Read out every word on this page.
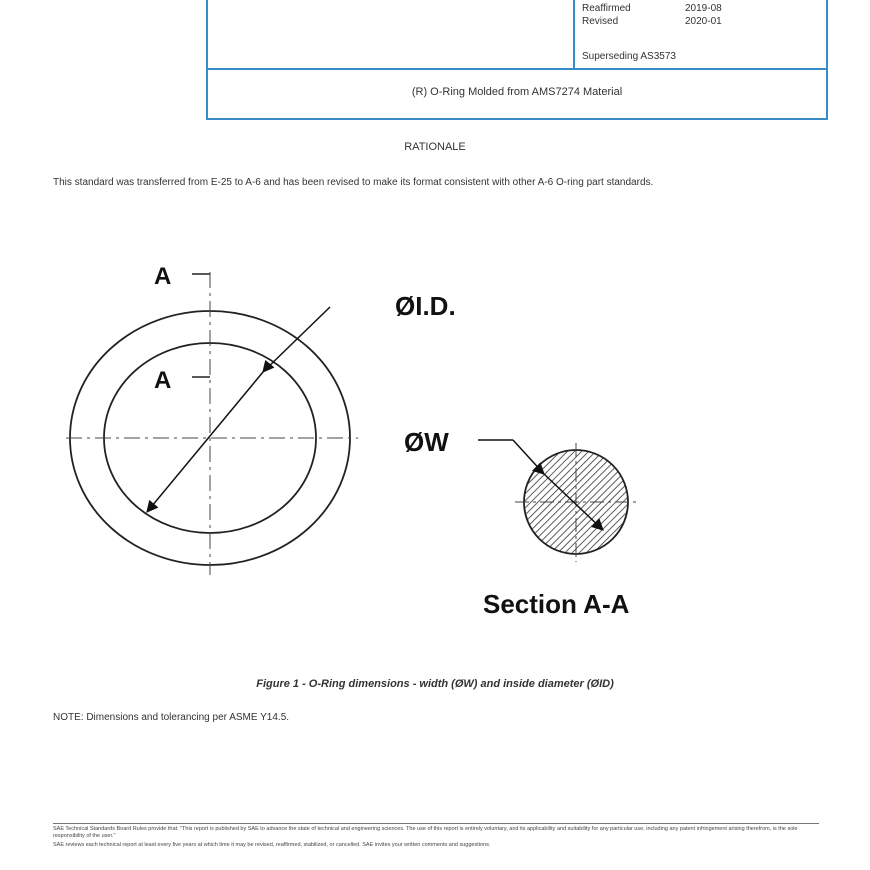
Reaffirmed	2019-08
Revised	2020-01
Superseding AS3573
(R) O-Ring Molded from AMS7274 Material
RATIONALE
This standard was transferred from E-25 to A-6 and has been revised to make its format consistent with other A-6 O-ring part standards.
A
A
ØI.D.
ØW
Section A-A
Figure 1 - O-Ring dimensions - width (ØW) and inside diameter (ØID)
NOTE: Dimensions and tolerancing per ASME Y14.5.

SAE Technical Standards Board Rules provide that: "This report is published by SAE to advance the state of technical and engineering sciences. The use of this report is entirely voluntary, and its applicability and suitability for any particular use, including any patent infringement arising therefrom, is the sole responsibility of the user."

SAE reviews each technical report at least every five years at which time it may be revised, reaffirmed, stabilized, or cancelled. SAE invites your written comments and suggestions.
